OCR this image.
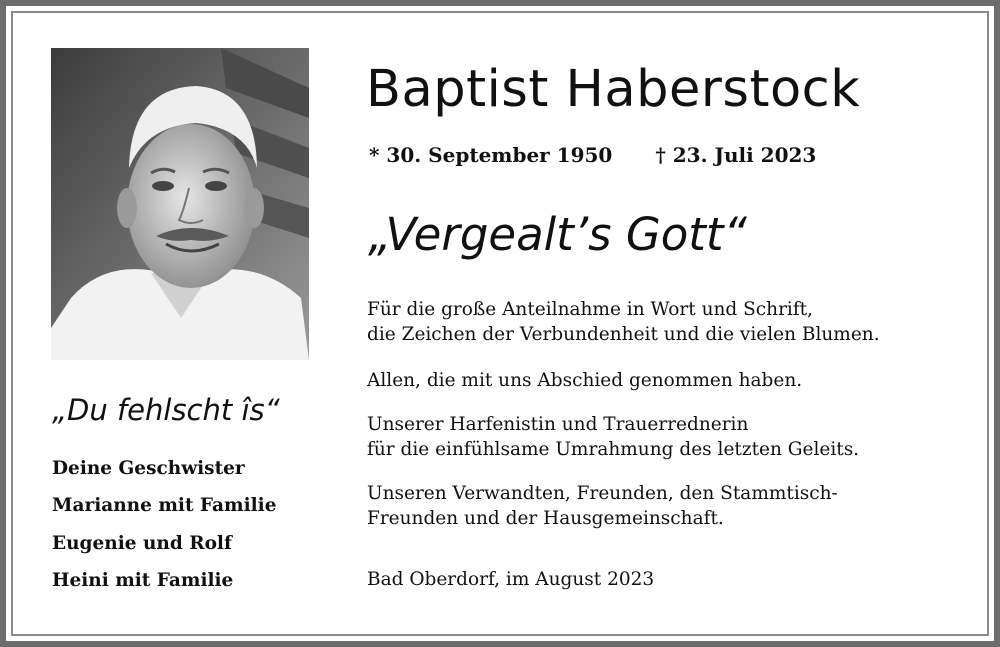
Baptist Haberstock
* 30. September 1950 † 23. Juli 2023
„Vergealt’s Gott“
Für die große Anteilnahme in Wort und Schrift,
die Zeichen der Verbundenheit und die vielen Blumen.
Allen, die mit uns Abschied genommen haben.
Unserer Harfenistin und Trauerrednerin
für die einfühlsame Umrahmung des letzten Geleits.
Unseren Verwandten, Freunden, den Stammtisch-
Freunden und der Hausgemeinschaft.
Bad Oberdorf, im August 2023
„Du fehlscht îs“
Deine Geschwister
Marianne mit Familie
Eugenie und Rolf
Heini mit Familie
